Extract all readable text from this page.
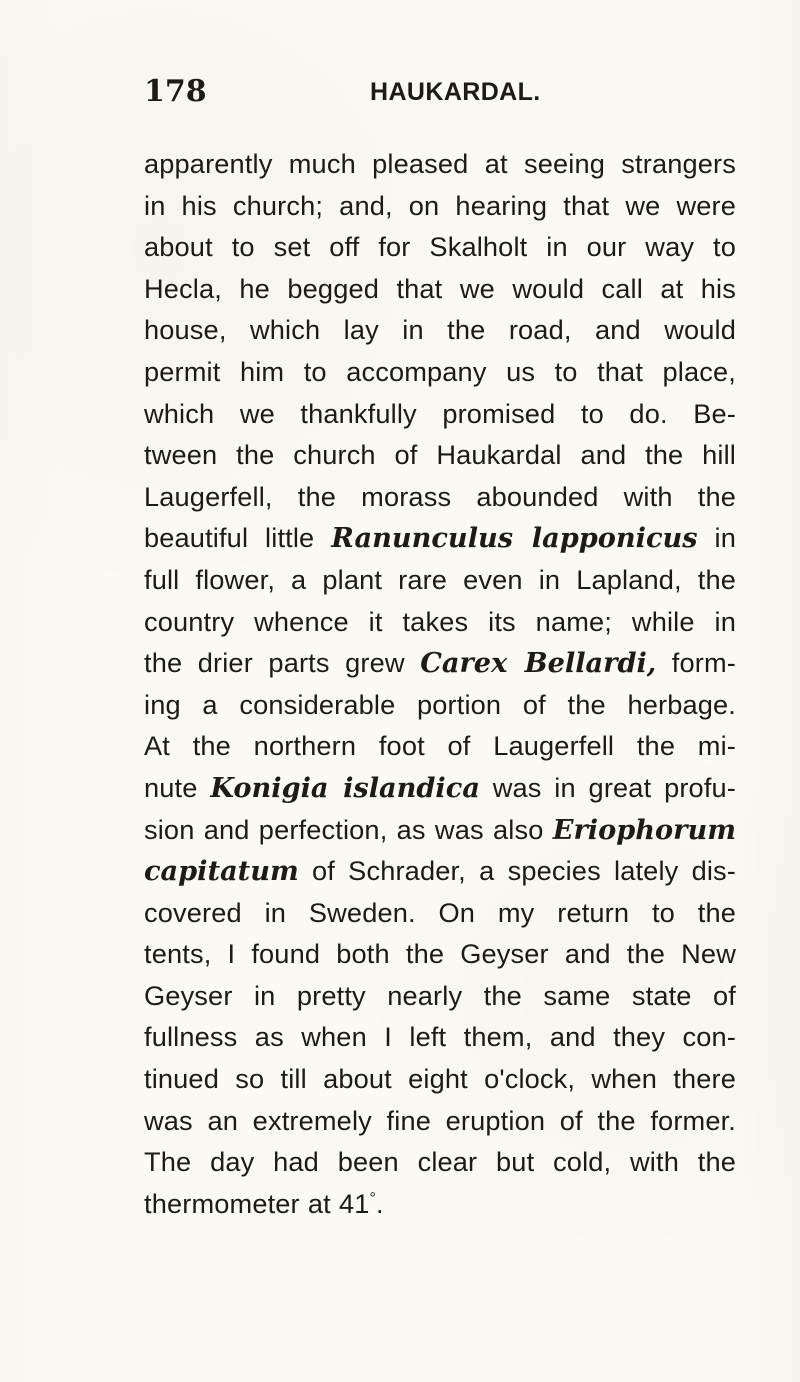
178	HAUKARDAL.
apparently much pleased at seeing strangers
in his church; and, on hearing that we were
about to set off for Skalholt in our way to
Hecla, he begged that we would call at his
house, which lay in the road, and would
permit him to accompany us to that place,
which we thankfully promised to do. Be-
tween the church of Haukardal and the hill
Laugerfell, the morass abounded with the
beautiful little Ranunculus lapponicus in
full flower, a plant rare even in Lapland, the
country whence it takes its name; while in
the drier parts grew Carex Bellardi, form-
ing a considerable portion of the herbage.
At the northern foot of Laugerfell the mi-
nute Konigia islandica was in great profu-
sion and perfection, as was also Eriophorum
capitatum of Schrader, a species lately dis-
covered in Sweden. On my return to the
tents, I found both the Geyser and the New
Geyser in pretty nearly the same state of
fullness as when I left them, and they con-
tinued so till about eight o'clock, when there
was an extremely fine eruption of the former.
The day had been clear but cold, with the
thermometer at 41°.
